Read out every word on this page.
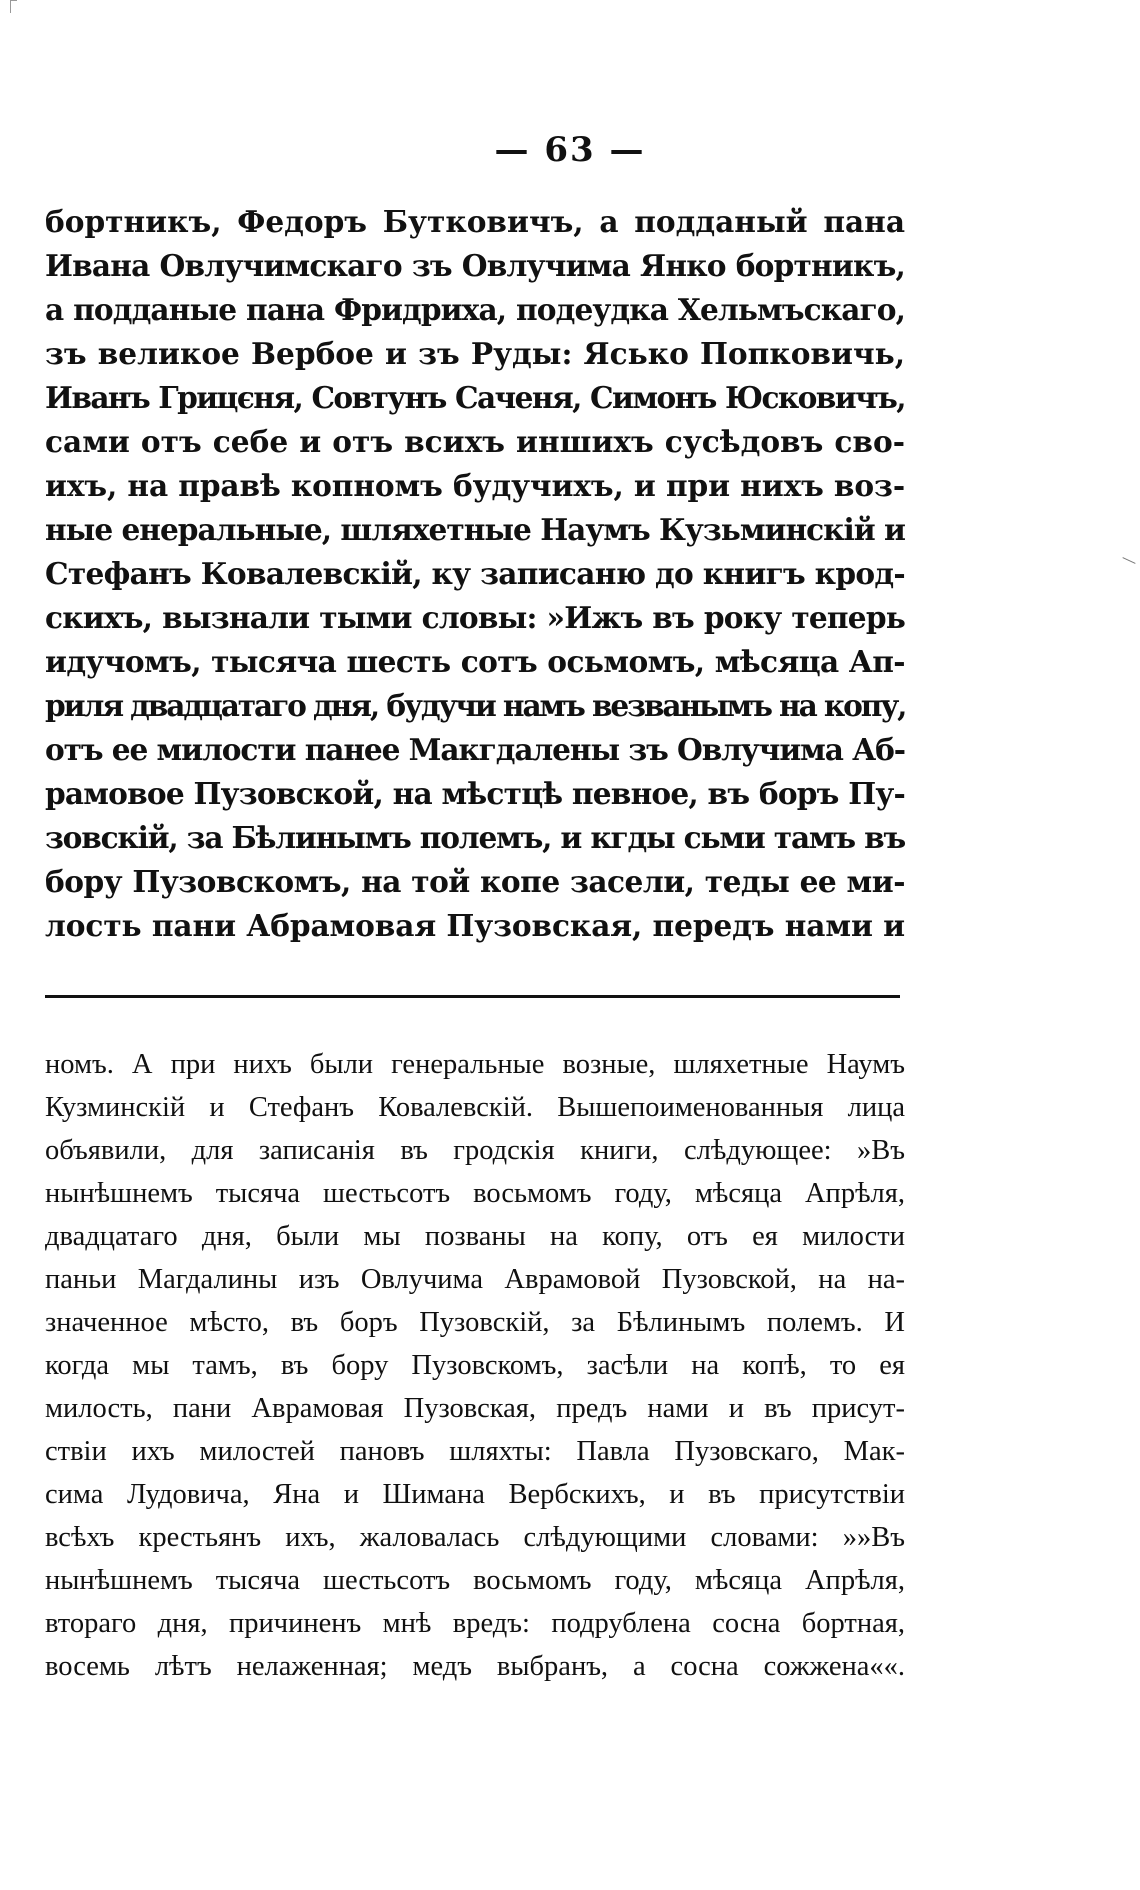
— 63 —
бортникъ, Федоръ Бутковичъ, а подданый пана
Ивана Овлучимскаго зъ Овлучима Янко бортникъ,
а подданые пана Фридриха, подеудка Хельмъскаго,
зъ великое Вербое и зъ Руды: Ясько Попковичь,
Иванъ Грицєня, Совтунъ Саченя, Симонъ Юсковичъ,
сами отъ себе и отъ всихъ иншихъ сусѣдовъ сво-
ихъ, на правѣ копномъ будучихъ, и при нихъ воз-
ные енеральные, шляхетные Наумъ Кузьминскій и
Стефанъ Ковалевскій, ку записаню до книгъ крод-
скихъ, вызнали тыми словы: »Ижъ въ року теперь
идучомъ, тысяча шесть сотъ осьмомъ, мѣсяца Ап-
риля двадцатаго дня, будучи намъ везванымъ на копу,
отъ ее милости панее Макгдалены зъ Овлучима Аб-
рамовое Пузовской, на мѣстцѣ певное, въ боръ Пу-
зовскій, за Бѣлинымъ полемъ, и кгды сьми тамъ въ
бору Пузовскомъ, на той копе засели, теды ее ми-
лость пани Абрамовая Пузовская, передъ нами и
номъ. А при нихъ были генеральные возные, шляхетные Наумъ
Кузминскій и Стефанъ Ковалевскій. Вышепоименованныя лица
объявили, для записанія въ гродскія книги, слѣдующее: »Въ
нынѣшнемъ тысяча шестьсотъ восьмомъ году, мѣсяца Апрѣля,
двадцатаго дня, были мы позваны на копу, отъ ея милости
паньи Магдалины изъ Овлучима Аврамовой Пузовской, на на-
значенное мѣсто, въ боръ Пузовскій, за Бѣлинымъ полемъ. И
когда мы тамъ, въ бору Пузовскомъ, засѣли на копѣ, то ея
милость, пани Аврамовая Пузовская, предъ нами и въ присут-
ствіи ихъ милостей пановъ шляхты: Павла Пузовскаго, Мак-
сима Лудовича, Яна и Шимана Вербскихъ, и въ присутствіи
всѣхъ крестьянъ ихъ, жаловалась слѣдующими словами: »»Въ
нынѣшнемъ тысяча шестьсотъ восьмомъ году, мѣсяца Апрѣля,
втораго дня, причиненъ мнѣ вредъ: подрублена сосна бортная,
восемь лѣтъ нелаженная; медъ выбранъ, а сосна сожжена««.
